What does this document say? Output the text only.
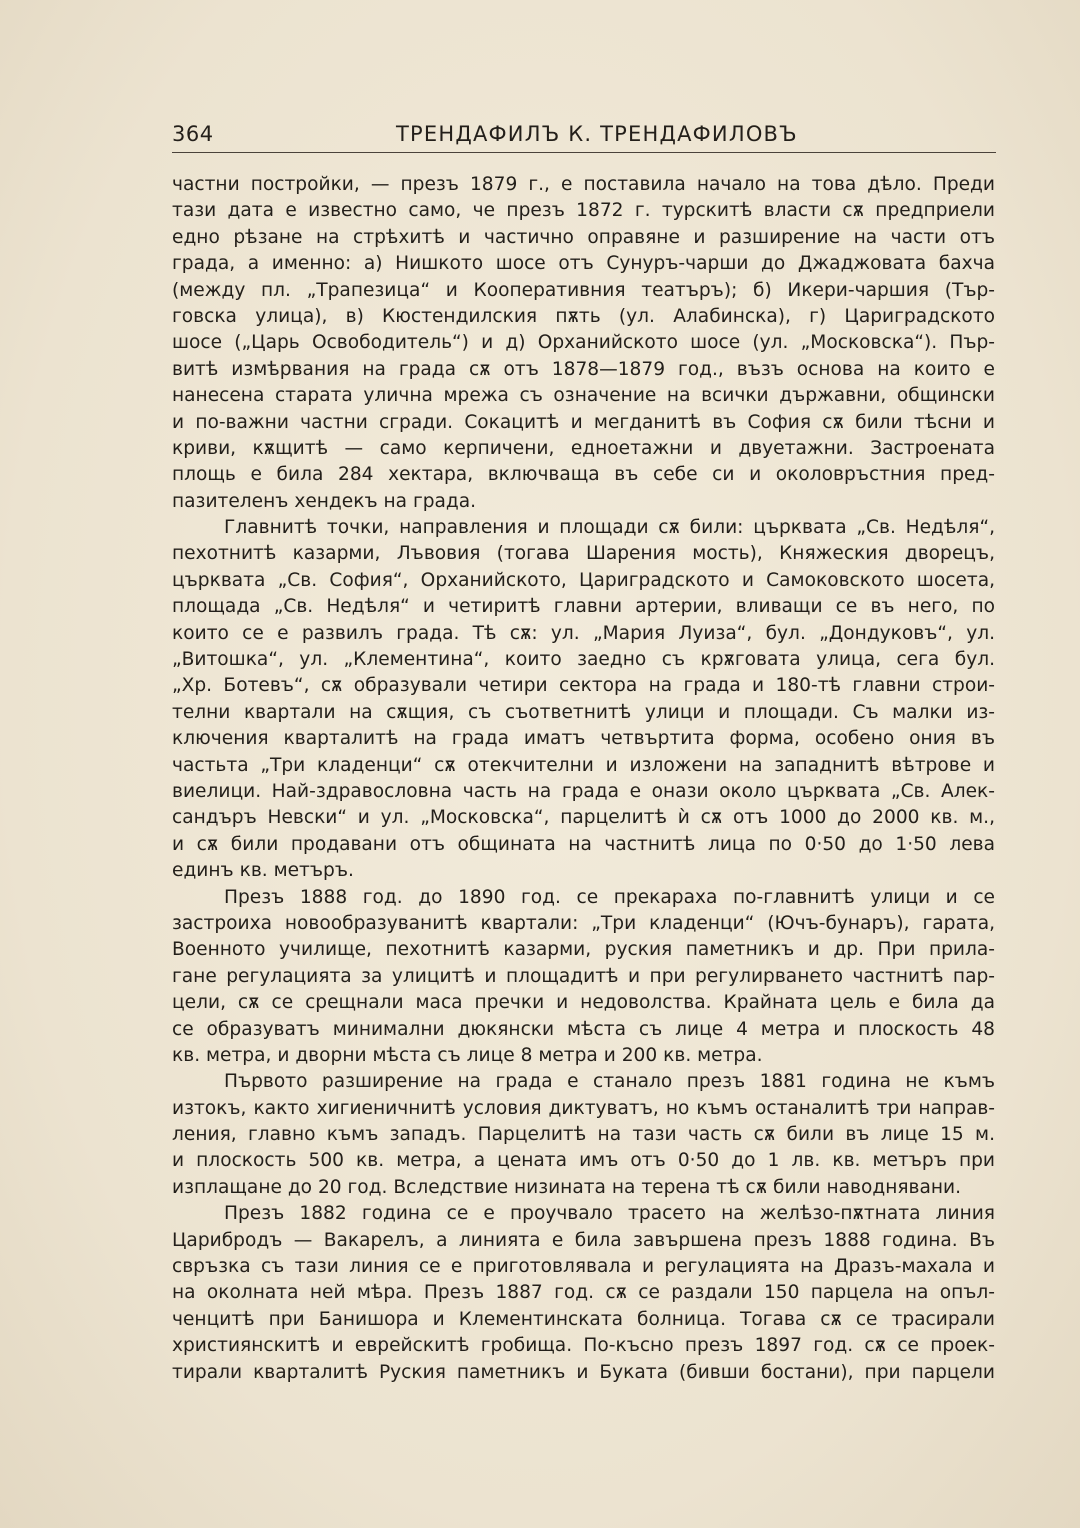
364	ТРЕНДАФИЛЪ К. ТРЕНДАФИЛОВЪ
частни постройки, — презъ 1879 г., е поставила начало на това дѣло. Преди
тази дата е известно само, че презъ 1872 г. турскитѣ власти сѫ предприели
едно рѣзане на стрѣхитѣ и частично оправяне и разширение на части отъ
града, а именно: а) Нишкото шосе отъ Сунуръ-чарши до Джаджовата бахча
(между пл. „Трапезица“ и Кооперативния театъръ); б) Икери-чаршия (Тър-
говска улица), в) Кюстендилския пѫть (ул. Алабинска), г) Цариградското
шосе („Царь Освободитель“) и д) Орханийското шосе (ул. „Московска“). Пър-
витѣ измѣрвания на града сѫ отъ 1878—1879 год., възъ основа на които е
нанесена старата улична мрежа съ означение на всички държавни, общински
и по-важни частни сгради. Сокацитѣ и мегданитѣ въ София сѫ били тѣсни и
криви, кѫщитѣ — само керпичени, едноетажни и двуетажни. Застроената
площь е била 284 хектара, включваща въ себе си и околовръстния пред-
пазителенъ хендекъ на града.
Главнитѣ точки, направления и площади сѫ били: църквата „Св. Недѣля“,
пехотнитѣ казарми, Лъвовия (тогава Шарения мость), Княжеския дворецъ,
църквата „Св. София“, Орханийското, Цариградското и Самоковското шосета,
площада „Св. Недѣля“ и четиритѣ главни артерии, вливащи се въ него, по
които се е развилъ града. Тѣ сѫ: ул. „Мария Луиза“, бул. „Дондуковъ“, ул.
„Витошка“, ул. „Клементина“, които заедно съ крѫговата улица, сега бул.
„Хр. Ботевъ“, сѫ образували четири сектора на града и 180-тѣ главни строи-
телни квартали на сѫщия, съ съответнитѣ улици и площади. Съ малки из-
ключения кварталитѣ на града иматъ четвъртита форма, особено ония въ
частьта „Три кладенци“ сѫ отекчителни и изложени на западнитѣ вѣтрове и
виелици. Най-здравословна часть на града е онази около църквата „Св. Алек-
сандъръ Невски“ и ул. „Московска“, парцелитѣ ѝ сѫ отъ 1000 до 2000 кв. м.,
и сѫ били продавани отъ общината на частнитѣ лица по 0·50 до 1·50 лева
единъ кв. метъръ.
Презъ 1888 год. до 1890 год. се прекараха по-главнитѣ улици и се
застроиха новообразуванитѣ квартали: „Три кладенци“ (Ючъ-бунаръ), гарата,
Военното училище, пехотнитѣ казарми, руския паметникъ и др. При прила-
гане регулацията за улицитѣ и площадитѣ и при регулирването частнитѣ пар-
цели, сѫ се срещнали маса пречки и недоволства. Крайната цель е била да
се образуватъ минимални дюкянски мѣста съ лице 4 метра и плоскость 48
кв. метра, и дворни мѣста съ лице 8 метра и 200 кв. метра.
Първото разширение на града е станало презъ 1881 година не къмъ
изтокъ, както хигиеничнитѣ условия диктуватъ, но къмъ останалитѣ три направ-
ления, главно къмъ западъ. Парцелитѣ на тази часть сѫ били въ лице 15 м.
и плоскость 500 кв. метра, а цената имъ отъ 0·50 до 1 лв. кв. метъръ при
изплащане до 20 год. Вследствие низината на терена тѣ сѫ били наводнявани.
Презъ 1882 година се е проучвало трасето на желѣзо-пѫтната линия
Царибродъ — Вакарелъ, а линията е била завършена презъ 1888 година. Въ
свръзка съ тази линия се е приготовлявала и регулацията на Дразъ-махала и
на околната ней мѣра. Презъ 1887 год. сѫ се раздали 150 парцела на опъл-
ченцитѣ при Банишора и Клементинската болница. Тогава сѫ се трасирали
християнскитѣ и еврейскитѣ гробища. По-късно презъ 1897 год. сѫ се проек-
тирали кварталитѣ Руския паметникъ и Буката (бивши бостани), при парцели
